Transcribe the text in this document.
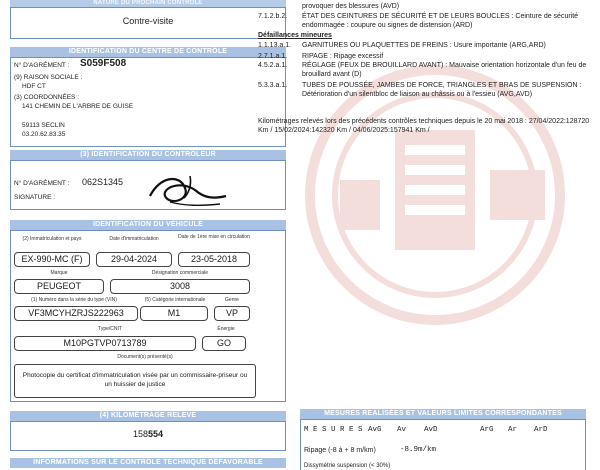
NATURE DU PROCHAIN CONTRÔLE
Contre-visite
IDENTIFICATION DU CENTRE DE CONTRÔLE
N° D'AGRÉMENT : S059F508
(9) RAISON SOCIALE :
HDF CT
(3) COORDONNÉES :
141 CHEMIN DE L'ARBRE DE GUISE
59113 SECLIN
03.20.62.83.35
(3) IDENTIFICATION DU CONTRÔLEUR
N° D'AGRÉMENT : 062S1345
SIGNATURE :
IDENTIFICATION DU VÉHICULE
(2) Immatriculation et pays	Date d'immatriculation	Date de 1ère mise en circulation
EX-990-MC (F)	29-04-2024	23-05-2018
Marque	Désignation commerciale
PEUGEOT	3008
(1) Numéro dans la série du type (VIN)	(5) Catégorie internationale	Genre
VF3MCYHZRJS222963	M1	VP
Type/CNIT	Énergie
M10PGTVP0713789	GO
Document(s) présenté(s)
Photocopie du certificat d'immatriculation visée par un commissaire-priseur ou un huissier de justice
(4) KILOMÉTRAGE RELEVÉ
158554
INFORMATIONS SUR LE CONTRÔLE TECHNIQUE DÉFAVORABLE
provoquer des blessures (AVD)
7.1.2.b.2.	ÉTAT DES CEINTURES DE SÉCURITÉ ET DE LEURS BOUCLES : Ceinture de sécurité endommagée : coupure ou signes de distension (ARD)
Défaillances mineures
1.1.13.a.1.	GARNITURES OU PLAQUETTES DE FREINS : Usure importante (ARG,ARD)
2.7.1.a.1.	RIPAGE : Ripage excessif
4.5.2.a.1.	RÉGLAGE (FEUX DE BROUILLARD AVANT) : Mauvaise orientation horizontale d'un feu de brouillard avant (D)
5.3.3.a.1.	TUBES DE POUSSÉE, JAMBES DE FORCE, TRIANGLES ET BRAS DE SUSPENSION : Détérioration d'un silentbloc de liaison au châssis ou à l'essieu (AVG,AVD)
Kilométrages relevés lors des précédents contrôles techniques depuis le 20 mai 2018 : 27/04/2022:128720 Km / 15/02/2024:142320 Km / 04/06/2025:157941 Km /
MESURES RÉALISÉES ET VALEURS LIMITES CORRESPONDANTES
M E S U R E S AvG Av AvD	ArG Ar ArD
Ripage (-8 à + 8 m/km)	-8.9m/km
Dissymétrie suspension (< 30%)
